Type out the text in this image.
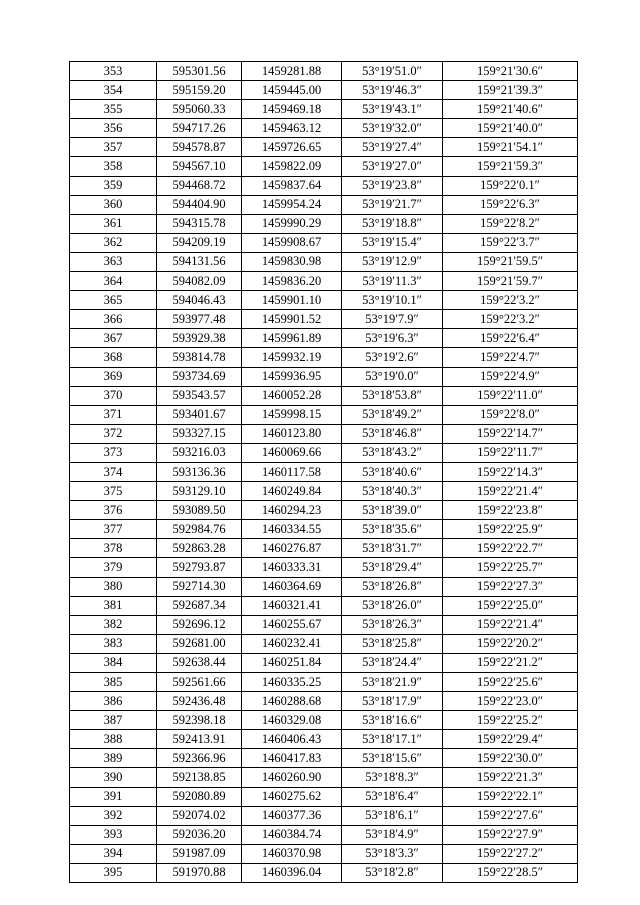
353	595301.56	1459281.88	53°19′51.0″	159°21′30.6″
354	595159.20	1459445.00	53°19′46.3″	159°21′39.3″
355	595060.33	1459469.18	53°19′43.1″	159°21′40.6″
356	594717.26	1459463.12	53°19′32.0″	159°21′40.0″
357	594578.87	1459726.65	53°19′27.4″	159°21′54.1″
358	594567.10	1459822.09	53°19′27.0″	159°21′59.3″
359	594468.72	1459837.64	53°19′23.8″	159°22′0.1″
360	594404.90	1459954.24	53°19′21.7″	159°22′6.3″
361	594315.78	1459990.29	53°19′18.8″	159°22′8.2″
362	594209.19	1459908.67	53°19′15.4″	159°22′3.7″
363	594131.56	1459830.98	53°19′12.9″	159°21′59.5″
364	594082.09	1459836.20	53°19′11.3″	159°21′59.7″
365	594046.43	1459901.10	53°19′10.1″	159°22′3.2″
366	593977.48	1459901.52	53°19′7.9″	159°22′3.2″
367	593929.38	1459961.89	53°19′6.3″	159°22′6.4″
368	593814.78	1459932.19	53°19′2.6″	159°22′4.7″
369	593734.69	1459936.95	53°19′0.0″	159°22′4.9″
370	593543.57	1460052.28	53°18′53.8″	159°22′11.0″
371	593401.67	1459998.15	53°18′49.2″	159°22′8.0″
372	593327.15	1460123.80	53°18′46.8″	159°22′14.7″
373	593216.03	1460069.66	53°18′43.2″	159°22′11.7″
374	593136.36	1460117.58	53°18′40.6″	159°22′14.3″
375	593129.10	1460249.84	53°18′40.3″	159°22′21.4″
376	593089.50	1460294.23	53°18′39.0″	159°22′23.8″
377	592984.76	1460334.55	53°18′35.6″	159°22′25.9″
378	592863.28	1460276.87	53°18′31.7″	159°22′22.7″
379	592793.87	1460333.31	53°18′29.4″	159°22′25.7″
380	592714.30	1460364.69	53°18′26.8″	159°22′27.3″
381	592687.34	1460321.41	53°18′26.0″	159°22′25.0″
382	592696.12	1460255.67	53°18′26.3″	159°22′21.4″
383	592681.00	1460232.41	53°18′25.8″	159°22′20.2″
384	592638.44	1460251.84	53°18′24.4″	159°22′21.2″
385	592561.66	1460335.25	53°18′21.9″	159°22′25.6″
386	592436.48	1460288.68	53°18′17.9″	159°22′23.0″
387	592398.18	1460329.08	53°18′16.6″	159°22′25.2″
388	592413.91	1460406.43	53°18′17.1″	159°22′29.4″
389	592366.96	1460417.83	53°18′15.6″	159°22′30.0″
390	592138.85	1460260.90	53°18′8.3″	159°22′21.3″
391	592080.89	1460275.62	53°18′6.4″	159°22′22.1″
392	592074.02	1460377.36	53°18′6.1″	159°22′27.6″
393	592036.20	1460384.74	53°18′4.9″	159°22′27.9″
394	591987.09	1460370.98	53°18′3.3″	159°22′27.2″
395	591970.88	1460396.04	53°18′2.8″	159°22′28.5″
